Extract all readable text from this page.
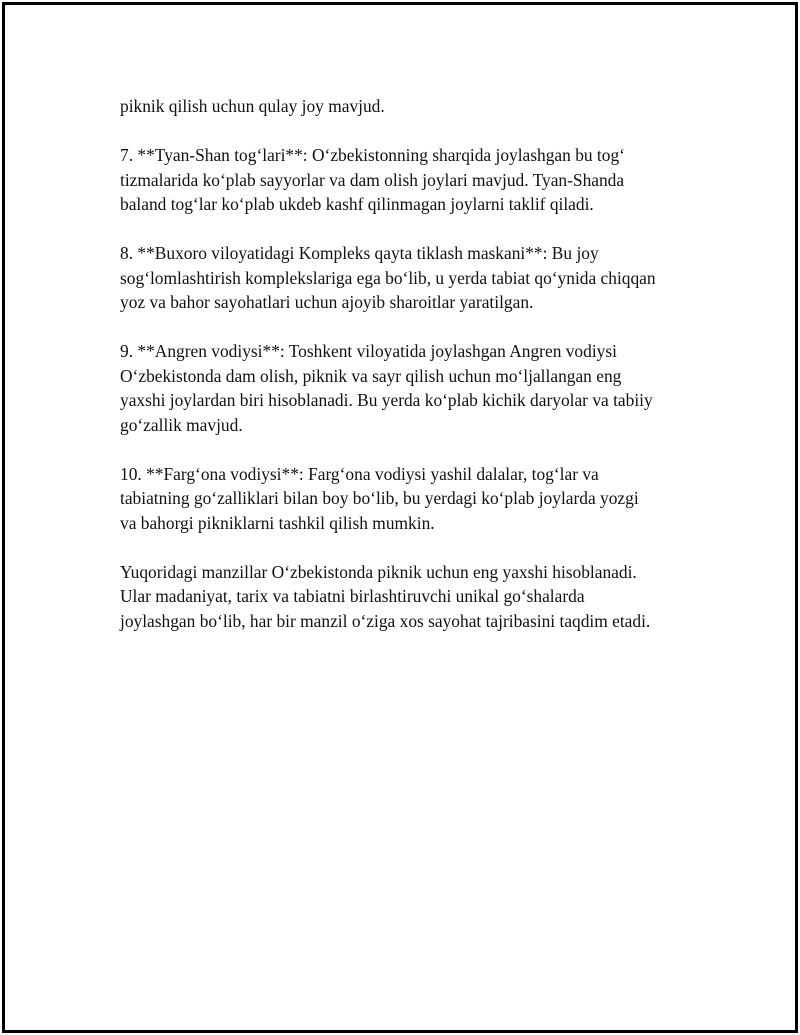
piknik qilish uchun qulay joy mavjud.

7. **Tyan-Shan tog‘lari**: O‘zbekistonning sharqida joylashgan bu tog‘
tizmalarida ko‘plab sayyorlar va dam olish joylari mavjud. Tyan-Shanda
baland tog‘lar ko‘plab ukdeb kashf qilinmagan joylarni taklif qiladi.

8. **Buxoro viloyatidagi Kompleks qayta tiklash maskani**: Bu joy
sog‘lomlashtirish komplekslariga ega bo‘lib, u yerda tabiat qo‘ynida chiqqan
yoz va bahor sayohatlari uchun ajoyib sharoitlar yaratilgan.

9. **Angren vodiysi**: Toshkent viloyatida joylashgan Angren vodiysi
O‘zbekistonda dam olish, piknik va sayr qilish uchun mo‘ljallangan eng
yaxshi joylardan biri hisoblanadi. Bu yerda ko‘plab kichik daryolar va tabiiy
go‘zallik mavjud.

10. **Farg‘ona vodiysi**: Farg‘ona vodiysi yashil dalalar, tog‘lar va
tabiatning go‘zalliklari bilan boy bo‘lib, bu yerdagi ko‘plab joylarda yozgi
va bahorgi pikniklarni tashkil qilish mumkin.

Yuqoridagi manzillar O‘zbekistonda piknik uchun eng yaxshi hisoblanadi.
Ular madaniyat, tarix va tabiatni birlashtiruvchi unikal go‘shalarda
joylashgan bo‘lib, har bir manzil o‘ziga xos sayohat tajribasini taqdim etadi.
